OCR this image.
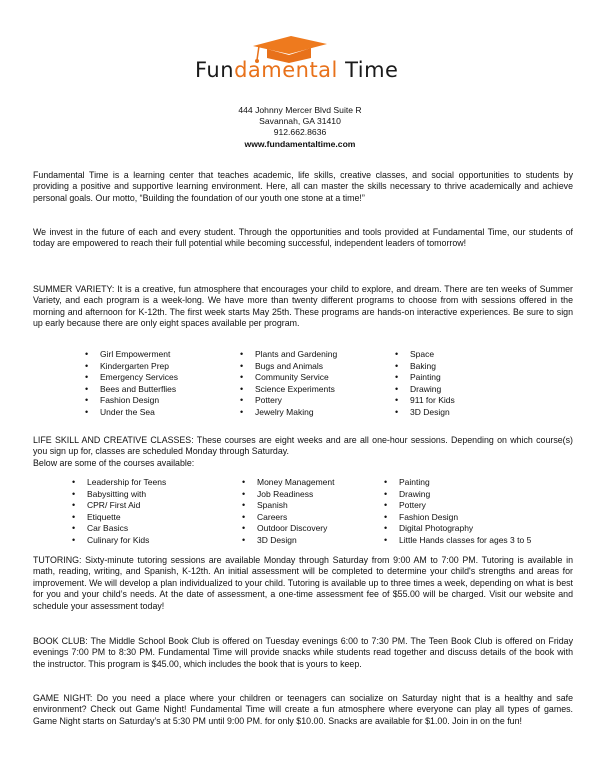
Fundamental Time
444 Johnny Mercer Blvd Suite R
Savannah, GA 31410
912.662.8636
www.fundamentaltime.com

Fundamental Time is a learning center that teaches academic, life skills, creative classes, and social opportunities to students by providing a positive and supportive learning environment. Here, all can master the skills necessary to thrive academically and achieve personal goals. Our motto, “Building the foundation of our youth one stone at a time!”

We invest in the future of each and every student. Through the opportunities and tools provided at Fundamental Time, our students of today are empowered to reach their full potential while becoming successful, independent leaders of tomorrow!

SUMMER VARIETY: It is a creative, fun atmosphere that encourages your child to explore, and dream. There are ten weeks of Summer Variety, and each program is a week-long. We have more than twenty different programs to choose from with sessions offered in the morning and afternoon for K-12th. The first week starts May 25th. These programs are hands-on interactive experiences. Be sure to sign up early because there are only eight spaces available per program.

• Girl Empowerment
• Kindergarten Prep
• Emergency Services
• Bees and Butterflies
• Fashion Design
• Under the Sea
• Plants and Gardening
• Bugs and Animals
• Community Service
• Science Experiments
• Pottery
• Jewelry Making
• Space
• Baking
• Painting
• Drawing
• 911 for Kids
• 3D Design

LIFE SKILL AND CREATIVE CLASSES: These courses are eight weeks and are all one-hour sessions. Depending on which course(s) you sign up for, classes are scheduled Monday through Saturday.

Below are some of the courses available:

• Leadership for Teens
• Babysitting with
• CPR/ First Aid
• Etiquette
• Car Basics
• Culinary for Kids
• Money Management
• Job Readiness
• Spanish
• Careers
• Outdoor Discovery
• 3D Design
• Painting
• Drawing
• Pottery
• Fashion Design
• Digital Photography
• Little Hands classes for ages 3 to 5

TUTORING: Sixty-minute tutoring sessions are available Monday through Saturday from 9:00 AM to 7:00 PM. Tutoring is available in math, reading, writing, and Spanish, K-12th. An initial assessment will be completed to determine your child's strengths and areas for improvement. We will develop a plan individualized to your child. Tutoring is available up to three times a week, depending on what is best for you and your child’s needs. At the date of assessment, a one-time assessment fee of $55.00 will be charged. Visit our website and schedule your assessment today!

BOOK CLUB: The Middle School Book Club is offered on Tuesday evenings 6:00 to 7:30 PM. The Teen Book Club is offered on Friday evenings 7:00 PM to 8:30 PM. Fundamental Time will provide snacks while students read together and discuss details of the book with the instructor. This program is $45.00, which includes the book that is yours to keep.

GAME NIGHT: Do you need a place where your children or teenagers can socialize on Saturday night that is a healthy and safe environment? Check out Game Night! Fundamental Time will create a fun atmosphere where everyone can play all types of games. Game Night starts on Saturday’s at 5:30 PM until 9:00 PM. for only $10.00. Snacks are available for $1.00. Join in on the fun!
